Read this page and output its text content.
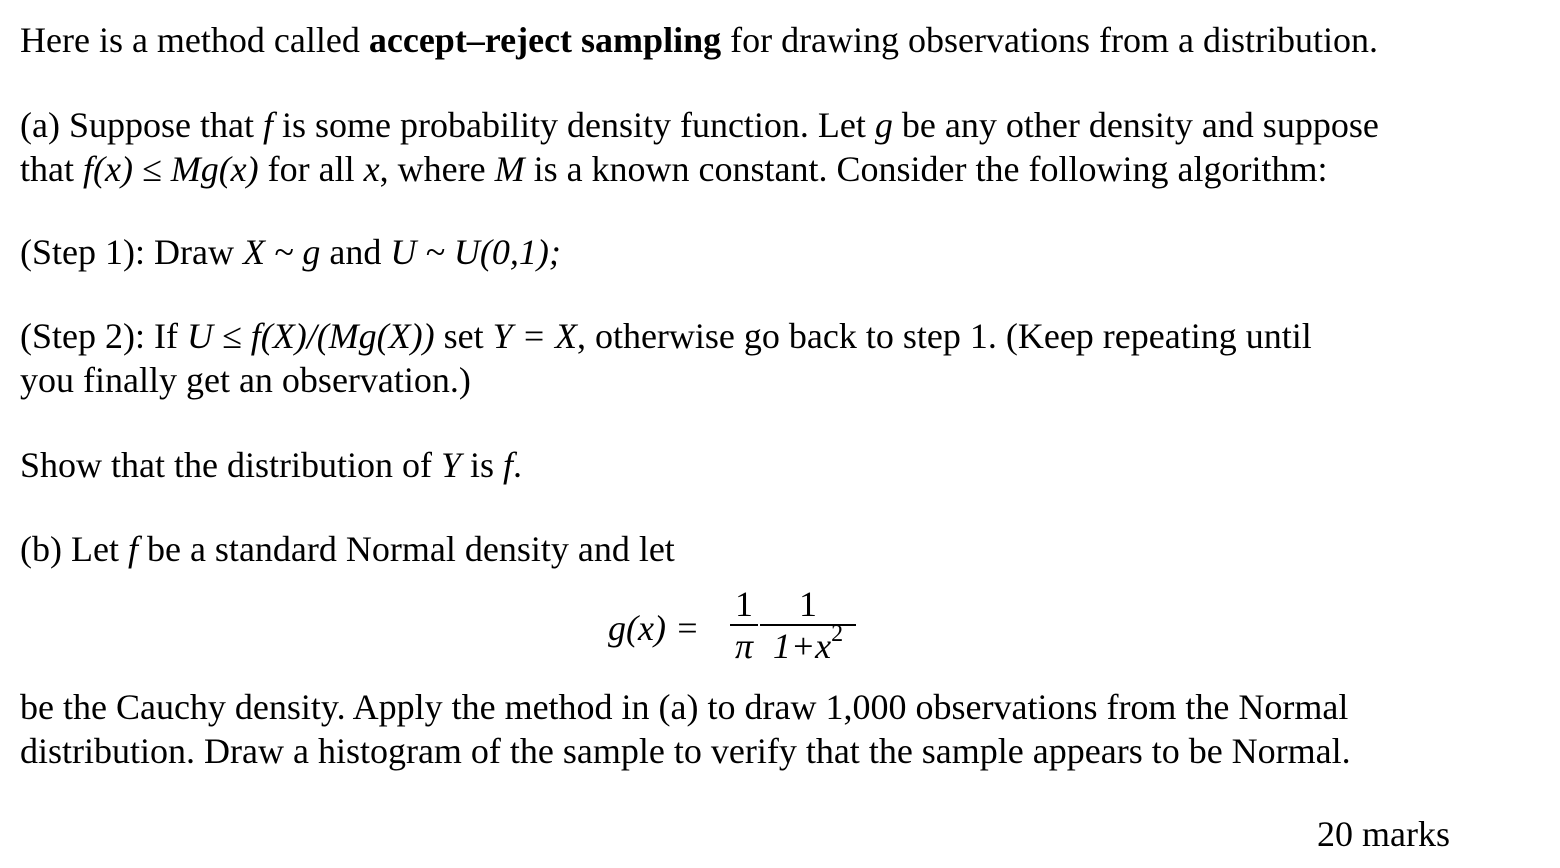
Here is a method called accept–reject sampling for drawing observations from a distribution.
(a) Suppose that f is some probability density function. Let g be any other density and suppose
that f(x) ≤ Mg(x) for all x, where M is a known constant. Consider the following algorithm:
(Step 1): Draw X ~ g and U ~ U(0,1);
(Step 2): If U ≤ f(X)/(Mg(X)) set Y = X, otherwise go back to step 1. (Keep repeating until
you finally get an observation.)
Show that the distribution of Y is f.
(b) Let f be a standard Normal density and let
g(x) =
1
π
1
$1+x^2$
be the Cauchy density. Apply the method in (a) to draw 1,000 observations from the Normal
distribution. Draw a histogram of the sample to verify that the sample appears to be Normal.
20 marks
